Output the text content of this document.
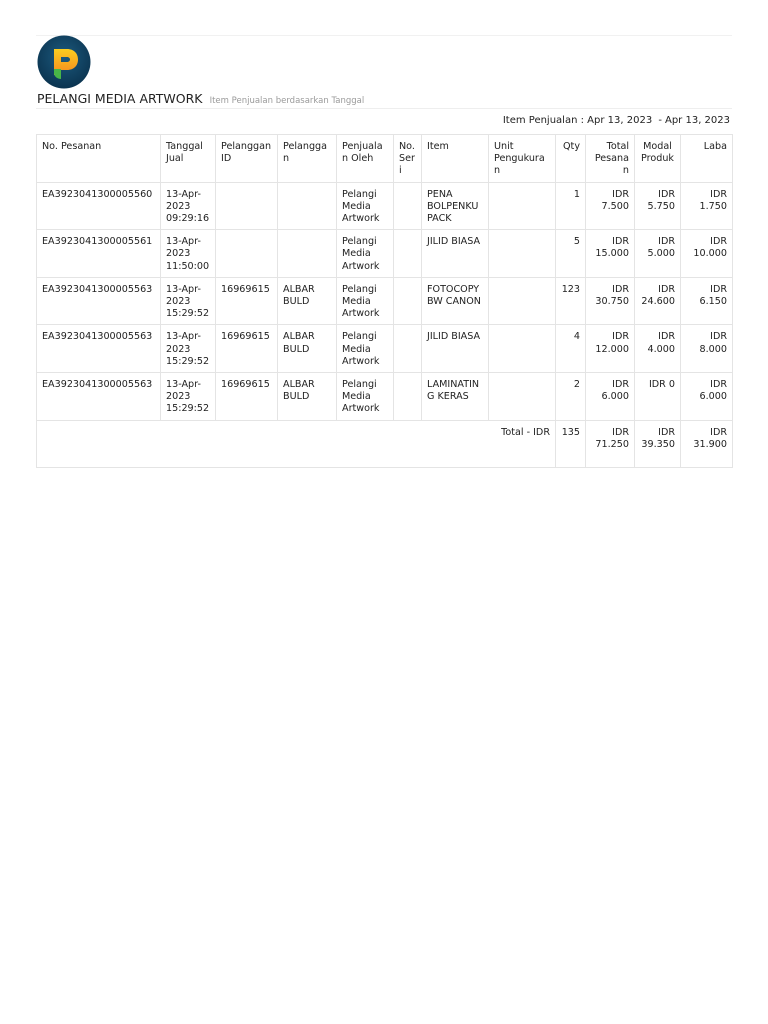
PELANGI MEDIA ARTWORK Item Penjualan berdasarkan Tanggal
Item Penjualan : Apr 13, 2023 - Apr 13, 2023
No. Pesanan	Tanggal Jual	Pelanggan ID	Pelanggan	Penjualan Oleh	No. Seri	Item	Unit Pengukuran	Qty	Total Pesanan	Modal Produk	Laba
EA3923041300005560	13-Apr-2023 09:29:16			Pelangi Media Artwork		PENA BOLPENKU PACK		1	IDR 7.500	IDR 5.750	IDR 1.750
EA3923041300005561	13-Apr-2023 11:50:00			Pelangi Media Artwork		JILID BIASA		5	IDR 15.000	IDR 5.000	IDR 10.000
EA3923041300005563	13-Apr-2023 15:29:52	16969615	ALBAR BULD	Pelangi Media Artwork		FOTOCOPY BW CANON		123	IDR 30.750	IDR 24.600	IDR 6.150
EA3923041300005563	13-Apr-2023 15:29:52	16969615	ALBAR BULD	Pelangi Media Artwork		JILID BIASA		4	IDR 12.000	IDR 4.000	IDR 8.000
EA3923041300005563	13-Apr-2023 15:29:52	16969615	ALBAR BULD	Pelangi Media Artwork		LAMINATING KERAS		2	IDR 6.000	IDR 0	IDR 6.000
Total - IDR								135	IDR 71.250	IDR 39.350	IDR 31.900
